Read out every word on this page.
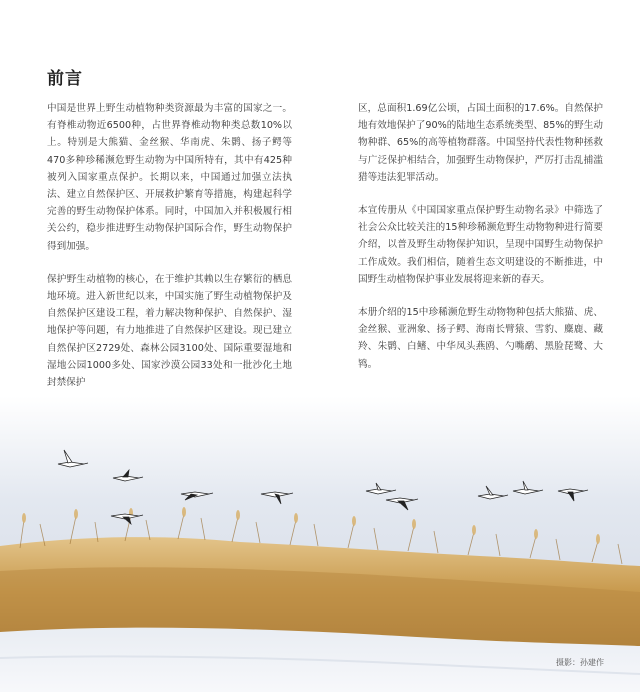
前言

中国是世界上野生动植物种类资源最为丰富的国家之一。有脊椎动物近6500种，占世界脊椎动物种类总数10%以上。特别是大熊猫、金丝猴、华南虎、朱鹮、扬子鳄等470多种珍稀濒危野生动物为中国所特有，其中有425种被列入国家重点保护。长期以来，中国通过加强立法执法、建立自然保护区、开展救护繁育等措施，构建起科学完善的野生动物保护体系。同时，中国加入并积极履行相关公约，稳步推进野生动物保护国际合作，野生动物保护得到加强。

保护野生动植物的核心，在于维护其赖以生存繁衍的栖息地环境。进入新世纪以来，中国实施了野生动植物保护及自然保护区建设工程，着力解决物种保护、自然保护、湿地保护等问题，有力地推进了自然保护区建设。现已建立自然保护区2729处、森林公园3100处、国际重要湿地和湿地公园1000多处、国家沙漠公园33处和一批沙化土地封禁保护

区，总面积1.69亿公顷，占国土面积的17.6%。自然保护地有效地保护了90%的陆地生态系统类型、85%的野生动物种群、65%的高等植物群落。中国坚持代表性物种拯救与广泛保护相结合，加强野生动物保护，严厉打击乱捕滥猎等违法犯罪活动。

本宣传册从《中国国家重点保护野生动物名录》中筛选了社会公众比较关注的15种珍稀濒危野生动物物种进行简要介绍，以普及野生动物保护知识，呈现中国野生动物保护工作成效。我们相信，随着生态文明建设的不断推进，中国野生动植物保护事业发展将迎来新的春天。

本册介绍的15中珍稀濒危野生动物物种包括大熊猫、虎、金丝猴、亚洲象、扬子鳄、海南长臂猿、雪豹、麋鹿、藏羚、朱鹮、白鳍、中华凤头燕鸥、勺嘴鹬、黑脸琵鹭、大鸨。

摄影：孙建作
